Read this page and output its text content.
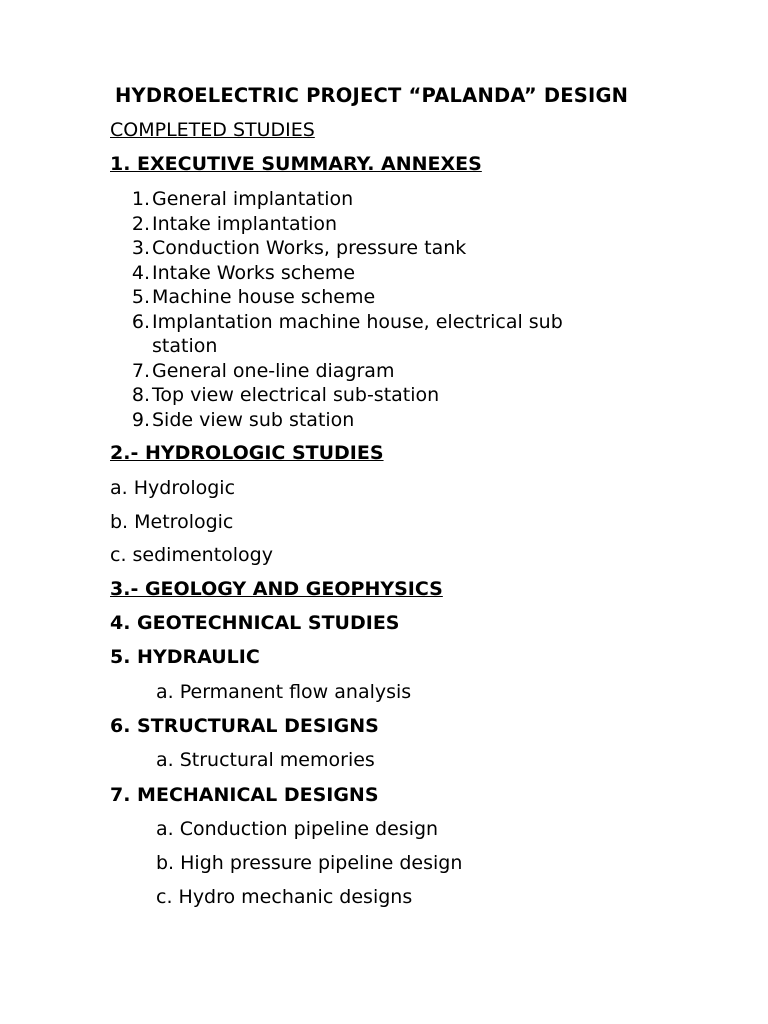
HYDROELECTRIC PROJECT “PALANDA” DESIGN
COMPLETED STUDIES
1. EXECUTIVE SUMMARY. ANNEXES
1. General implantation
2. Intake implantation
3. Conduction Works, pressure tank
4. Intake Works scheme
5. Machine house scheme
6. Implantation machine house, electrical sub station
7. General one-line diagram
8. Top view electrical sub-station
9. Side view sub station
2.- HYDROLOGIC STUDIES
a. Hydrologic
b. Metrologic
c. sedimentology
3.- GEOLOGY AND GEOPHYSICS
4. GEOTECHNICAL STUDIES
5. HYDRAULIC
a. Permanent flow analysis
6. STRUCTURAL DESIGNS
a. Structural memories
7. MECHANICAL DESIGNS
a. Conduction pipeline design
b. High pressure pipeline design
c. Hydro mechanic designs
